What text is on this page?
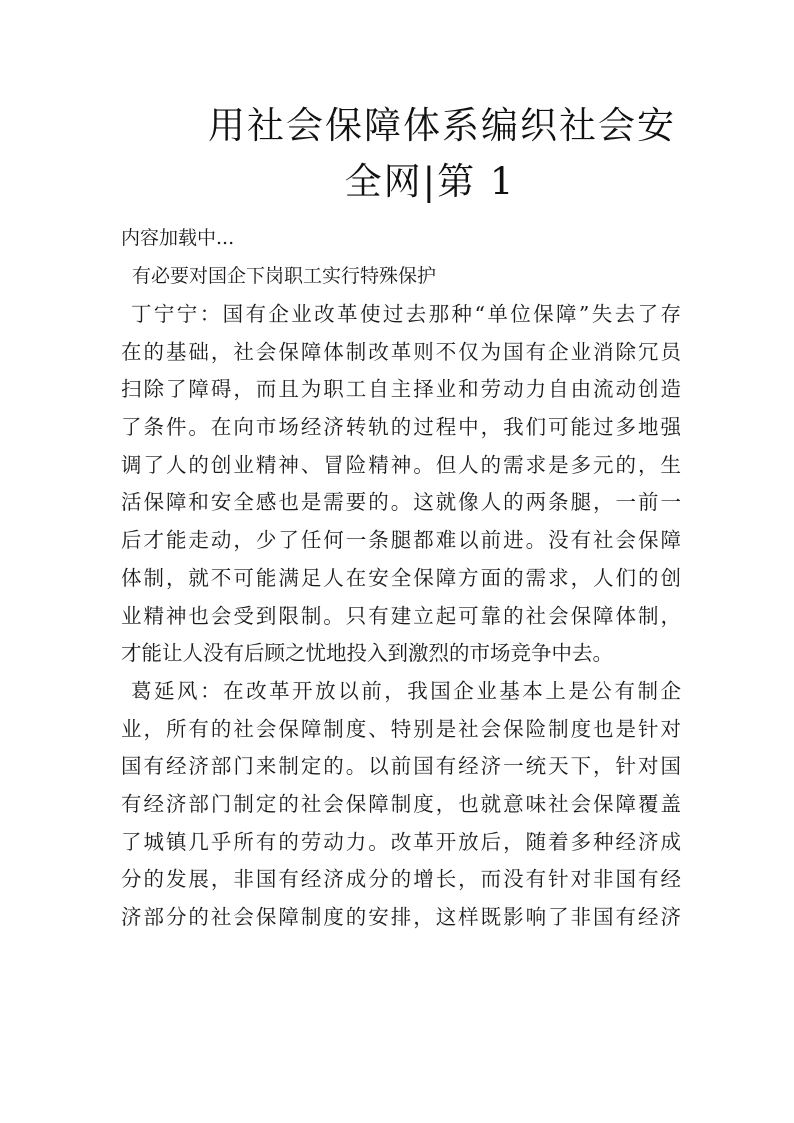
用社会保障体系编织社会安
全网|第 1
内容加载中...
有必要对国企下岗职工实行特殊保护
丁宁宁：国有企业改革使过去那种“单位保障”失去了存
在的基础，社会保障体制改革则不仅为国有企业消除冗员
扫除了障碍，而且为职工自主择业和劳动力自由流动创造
了条件。在向市场经济转轨的过程中，我们可能过多地强
调了人的创业精神、冒险精神。但人的需求是多元的，生
活保障和安全感也是需要的。这就像人的两条腿，一前一
后才能走动，少了任何一条腿都难以前进。没有社会保障
体制，就不可能满足人在安全保障方面的需求，人们的创
业精神也会受到限制。只有建立起可靠的社会保障体制，
才能让人没有后顾之忧地投入到激烈的市场竞争中去。
葛延风：在改革开放以前，我国企业基本上是公有制企
业，所有的社会保障制度、特别是社会保险制度也是针对
国有经济部门来制定的。以前国有经济一统天下，针对国
有经济部门制定的社会保障制度，也就意味社会保障覆盖
了城镇几乎所有的劳动力。改革开放后，随着多种经济成
分的发展，非国有经济成分的增长，而没有针对非国有经
济部分的社会保障制度的安排，这样既影响了非国有经济
